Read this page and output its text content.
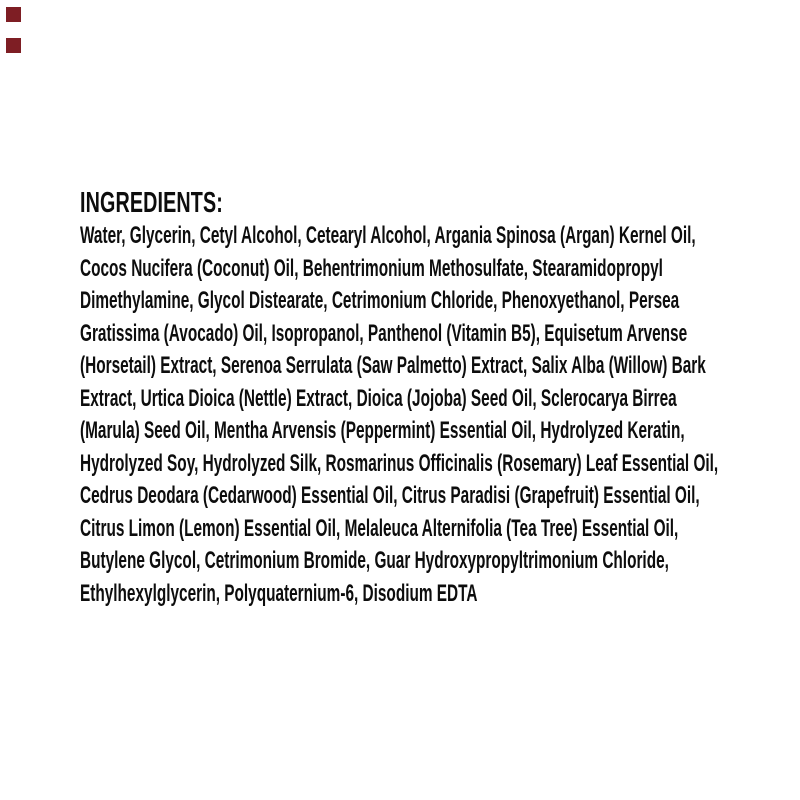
INGREDIENTS:
Water, Glycerin, Cetyl Alcohol, Cetearyl Alcohol, Argania Spinosa (Argan) Kernel Oil,
Cocos Nucifera (Coconut) Oil, Behentrimonium Methosulfate, Stearamidopropyl
Dimethylamine, Glycol Distearate, Cetrimonium Chloride, Phenoxyethanol, Persea
Gratissima (Avocado) Oil, Isopropanol, Panthenol (Vitamin B5), Equisetum Arvense
(Horsetail) Extract, Serenoa Serrulata (Saw Palmetto) Extract, Salix Alba (Willow) Bark
Extract, Urtica Dioica (Nettle) Extract, Dioica (Jojoba) Seed Oil, Sclerocarya Birrea
(Marula) Seed Oil, Mentha Arvensis (Peppermint) Essential Oil, Hydrolyzed Keratin,
Hydrolyzed Soy, Hydrolyzed Silk, Rosmarinus Officinalis (Rosemary) Leaf Essential Oil,
Cedrus Deodara (Cedarwood) Essential Oil, Citrus Paradisi (Grapefruit) Essential Oil,
Citrus Limon (Lemon) Essential Oil, Melaleuca Alternifolia (Tea Tree) Essential Oil,
Butylene Glycol, Cetrimonium Bromide, Guar Hydroxypropyltrimonium Chloride,
Ethylhexylglycerin, Polyquaternium-6, Disodium EDTA
